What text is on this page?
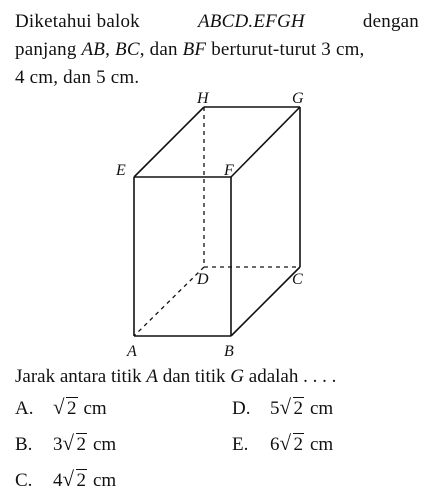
Diketahui balok	ABCD.EFGH	dengan
panjang AB, BC, dan BF berturut-turut 3 cm,
4 cm, dan 5 cm.
H	G
E	F
D	C
A	B
Jarak antara titik A dan titik G adalah . . . .
A. √ 2 cm
B. 3 √ 2 cm
C. 4 √ 2 cm
D. 5 √ 2 cm
E. 6 √ 2 cm
